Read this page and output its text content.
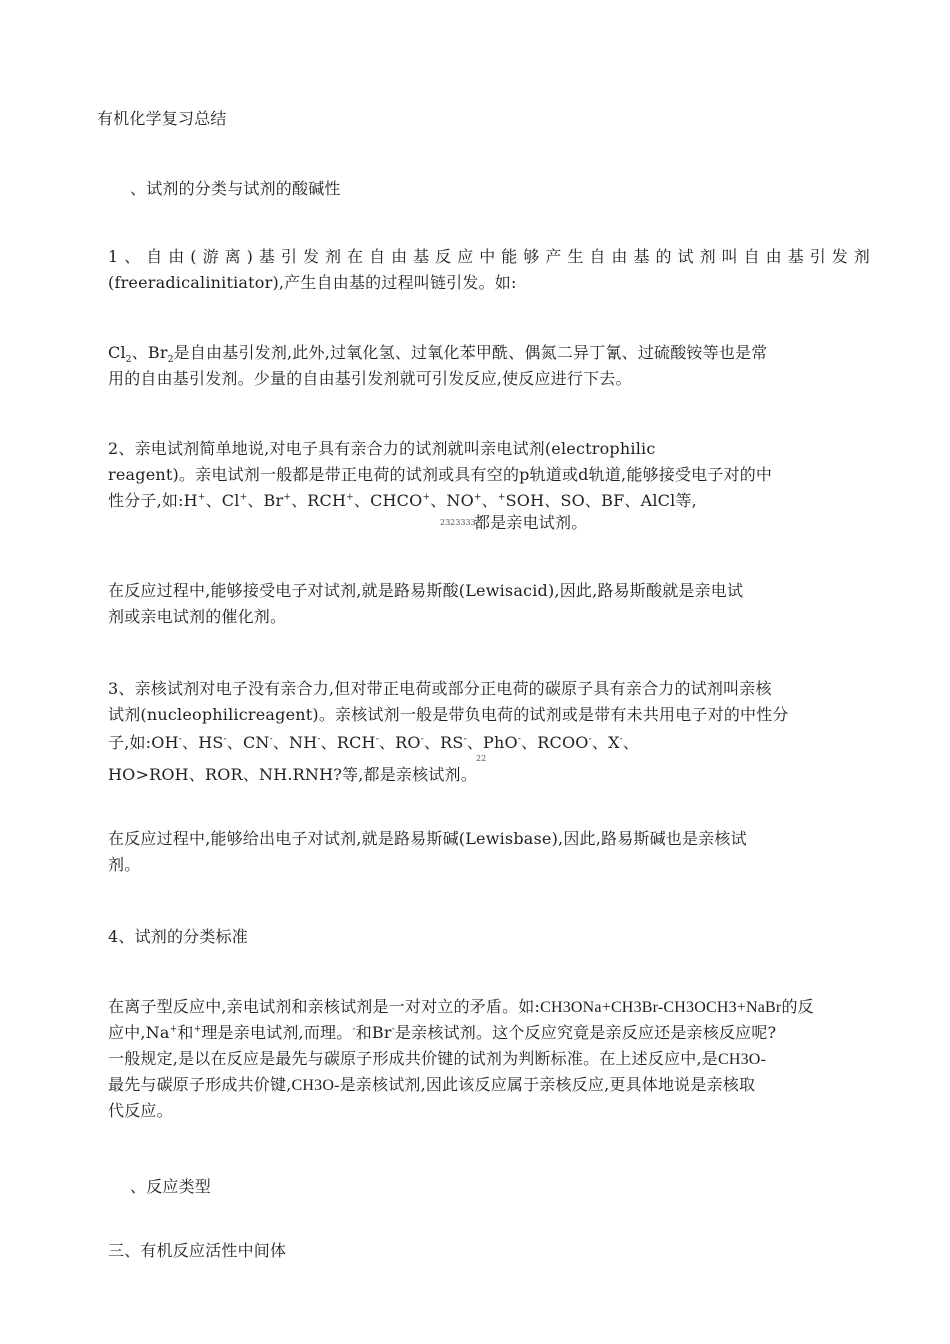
有机化学复习总结
、试剂的分类与试剂的酸碱性
1、自由(游离)基引发剂在自由基反应中能够产生自由基的试剂叫自由基引发剂
(freeradicalinitiator),产生自由基的过程叫链引发。如:
$Cl_2$、$Br_2$是自由基引发剂,此外,过氧化氢、过氧化苯甲酰、偶氮二异丁氰、过硫酸铵等也是常
用的自由基引发剂。少量的自由基引发剂就可引发反应,使反应进行下去。
2、亲电试剂简单地说,对电子具有亲合力的试剂就叫亲电试剂(electrophilic
reagent)。亲电试剂一般都是带正电荷的试剂或具有空的p轨道或d轨道,能够接受电子对的中
性分子,如:H+、Cl+、Br+、RCH+、CHCO+、NO+、+SOH、SO、BF、AlCl等,
2323333
都是亲电试剂。
在反应过程中,能够接受电子对试剂,就是路易斯酸(Lewisacid),因此,路易斯酸就是亲电试
剂或亲电试剂的催化剂。
3、亲核试剂对电子没有亲合力,但对带正电荷或部分正电荷的碳原子具有亲合力的试剂叫亲核
试剂(nucleophilicreagent)。亲核试剂一般是带负电荷的试剂或是带有未共用电子对的中性分
子,如:OH-、HS-、CN-、NH-、RCH-、RO-、RS-、PhO-、RCOO-、X-、
22
HO>ROH、ROR、NH.RNH?等,都是亲核试剂。
在反应过程中,能够给出电子对试剂,就是路易斯碱(Lewisbase),因此,路易斯碱也是亲核试
剂。
4、试剂的分类标准
在离子型反应中,亲电试剂和亲核试剂是一对对立的矛盾。如:CH3ONa+CH3Br-CH3OCH3+NaBr的反
应中,Na+和+理是亲电试剂,而理。-和Br-是亲核试剂。这个反应究竟是亲反应还是亲核反应呢?
一般规定,是以在反应是最先与碳原子形成共价键的试剂为判断标准。在上述反应中,是CH3O-
最先与碳原子形成共价键,CH3O-是亲核试剂,因此该反应属于亲核反应,更具体地说是亲核取
代反应。
、反应类型
三、有机反应活性中间体
